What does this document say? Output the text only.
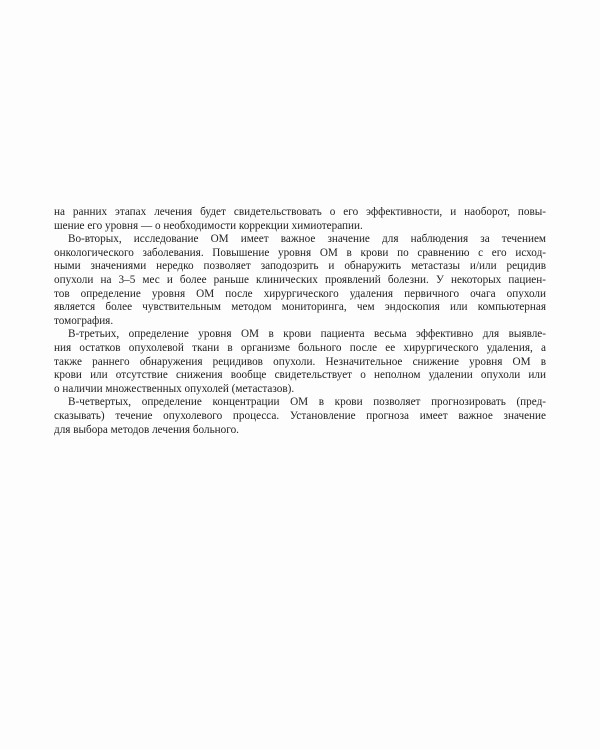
на ранних этапах лечения будет свидетельствовать о его эффективности, и наоборот, повы-
шение его уровня — о необходимости коррекции химиотерапии.
Во-вторых, исследование ОМ имеет важное значение для наблюдения за течением
онкологического заболевания. Повышение уровня ОМ в крови по сравнению с его исход-
ными значениями нередко позволяет заподозрить и обнаружить метастазы и/или рецидив
опухоли на 3–5 мес и более раньше клинических проявлений болезни. У некоторых пациен-
тов определение уровня ОМ после хирургического удаления первичного очага опухоли
является более чувствительным методом мониторинга, чем эндоскопия или компьютерная
томография.
В-третьих, определение уровня ОМ в крови пациента весьма эффективно для выявле-
ния остатков опухолевой ткани в организме больного после ее хирургического удаления, а
также раннего обнаружения рецидивов опухоли. Незначительное снижение уровня ОМ в
крови или отсутствие снижения вообще свидетельствует о неполном удалении опухоли или
о наличии множественных опухолей (метастазов).
В-четвертых, определение концентрации ОМ в крови позволяет прогнозировать (пред-
сказывать) течение опухолевого процесса. Установление прогноза имеет важное значение
для выбора методов лечения больного.
